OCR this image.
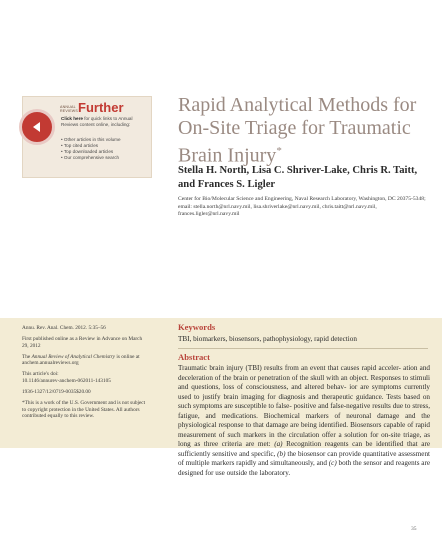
ANNUAL
REVIEWS Further
Click here for quick links to Annual Reviews content online, including:
• Other articles in this volume
• Top cited articles
• Top downloaded articles
• Our comprehensive search
Rapid Analytical Methods for
On-Site Triage for Traumatic
Brain Injury*
Stella H. North, Lisa C. Shriver-Lake, Chris R. Taitt,
and Frances S. Ligler
Center for Bio/Molecular Science and Engineering, Naval Research Laboratory, Washington, DC 20375-5348; email: stella.north@nrl.navy.mil, lisa.shriverlake@nrl.navy.mil, chris.taitt@nrl.navy.mil, frances.ligler@nrl.navy.mil

Annu. Rev. Anal. Chem. 2012. 5:35–56

First published online as a Review in Advance on March 29, 2012

The Annual Review of Analytical Chemistry is online at anchem.annualreviews.org

This article's doi:
10.1146/annurev-anchem-062011-143105

1936-1327/12/0719-0035$20.00

*This is a work of the U.S. Government and is not subject to copyright protection in the United States. All authors contributed equally to this review.

Keywords
TBI, biomarkers, biosensors, pathophysiology, rapid detection
Abstract
Traumatic brain injury (TBI) results from an event that causes rapid acceler- ation and deceleration of the brain or penetration of the skull with an object. Responses to stimuli and questions, loss of consciousness, and altered behav- ior are symptoms currently used to justify brain imaging for diagnosis and therapeutic guidance. Tests based on such symptoms are susceptible to false- positive and false-negative results due to stress, fatigue, and medications. Biochemical markers of neuronal damage and the physiological response to that damage are being identified. Biosensors capable of rapid measurement of such markers in the circulation offer a solution for on-site triage, as long as three criteria are met: (a) Recognition reagents can be identified that are sufficiently sensitive and specific, (b) the biosensor can provide quantitative assessment of multiple markers rapidly and simultaneously, and (c) both the sensor and reagents are designed for use outside the laboratory.
35
